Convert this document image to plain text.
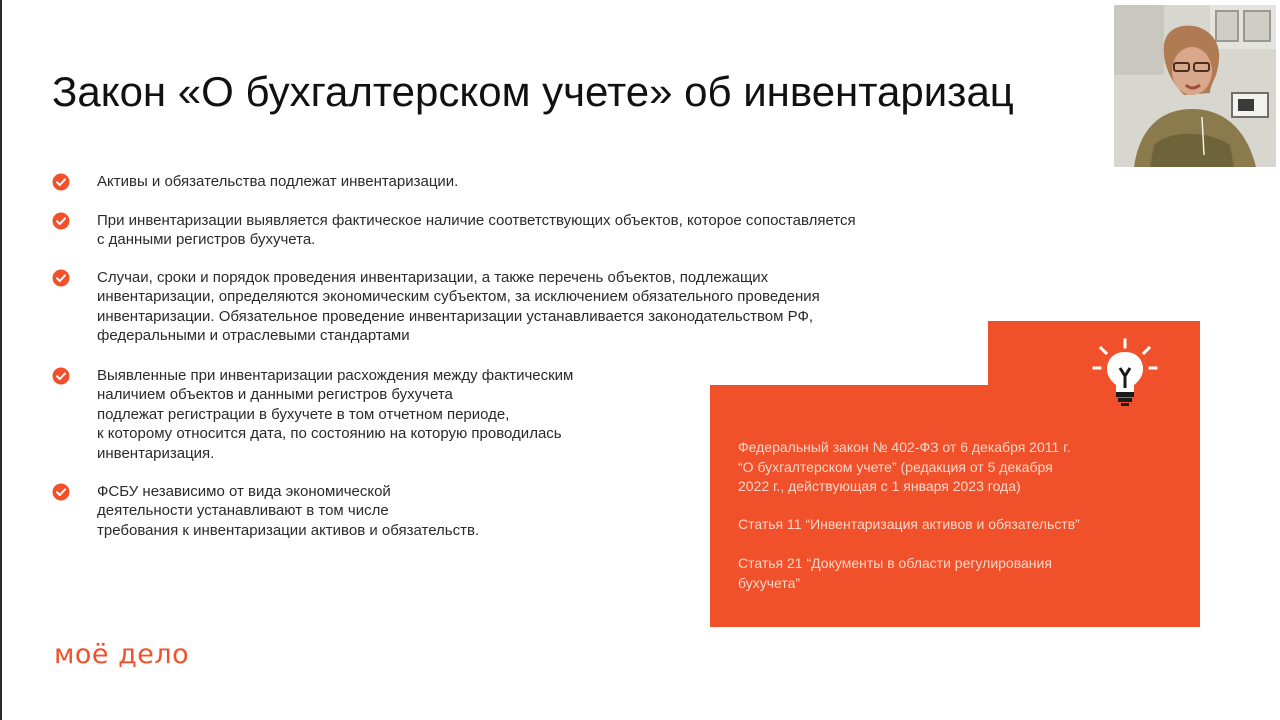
Закон «О бухгалтерском учете» об инвентаризац
Активы и обязательства подлежат инвентаризации.
При инвентаризации выявляется фактическое наличие соответствующих объектов, которое сопоставляется
с данными регистров бухучета.
Случаи, сроки и порядок проведения инвентаризации, а также перечень объектов, подлежащих
инвентаризации, определяются экономическим субъектом, за исключением обязательного проведения
инвентаризации. Обязательное проведение инвентаризации устанавливается законодательством РФ,
федеральными и отраслевыми стандартами
Выявленные при инвентаризации расхождения между фактическим
наличием объектов и данными регистров бухучета
подлежат регистрации в бухучете в том отчетном периоде,
к которому относится дата, по состоянию на которую проводилась
инвентаризация.
ФСБУ независимо от вида экономической
деятельности устанавливают в том числе
требования к инвентаризации активов и обязательств.
Федеральный закон № 402-ФЗ от 6 декабря 2011 г.
“О бухгалтерском учете” (редакция от 5 декабря
2022 г., действующая с 1 января 2023 года)
Статья 11 “Инвентаризация активов и обязательств”
Статья 21 “Документы в области регулирования
бухучета”
моё дело
